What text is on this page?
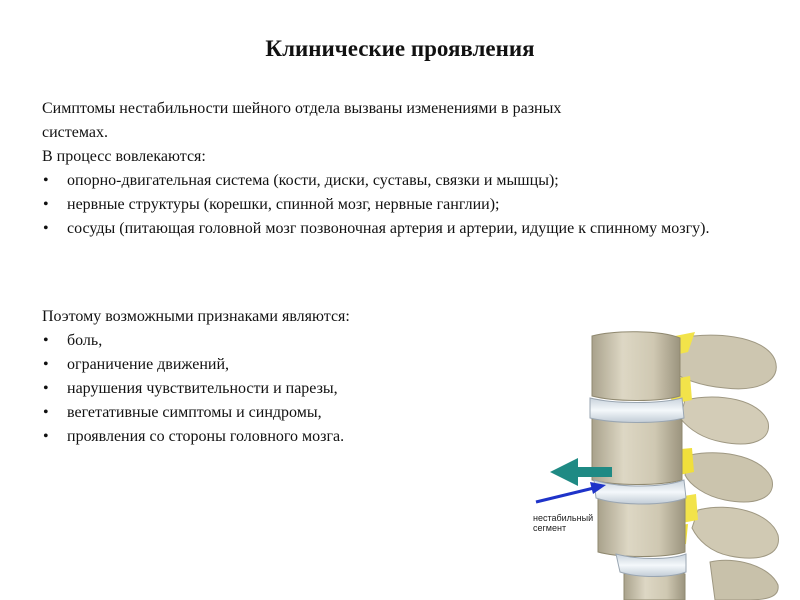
Клинические проявления

Симптомы нестабильности шейного отдела вызваны изменениями в разных

системах.

В процесс вовлекаются:

• опорно-двигательная система (кости, диски, суставы, связки и мышцы);
• нервные структуры (корешки, спинной мозг, нервные ганглии);
• сосуды (питающая головной мозг позвоночная артерия и артерии, идущие к спинному мозгу).

Поэтому возможными признаками являются:

• боль,
• ограничение движений,
• нарушения чувствительности и парезы,
• вегетативные симптомы и синдромы,
• проявления со стороны головного мозга.
нестабильный
сегмент
